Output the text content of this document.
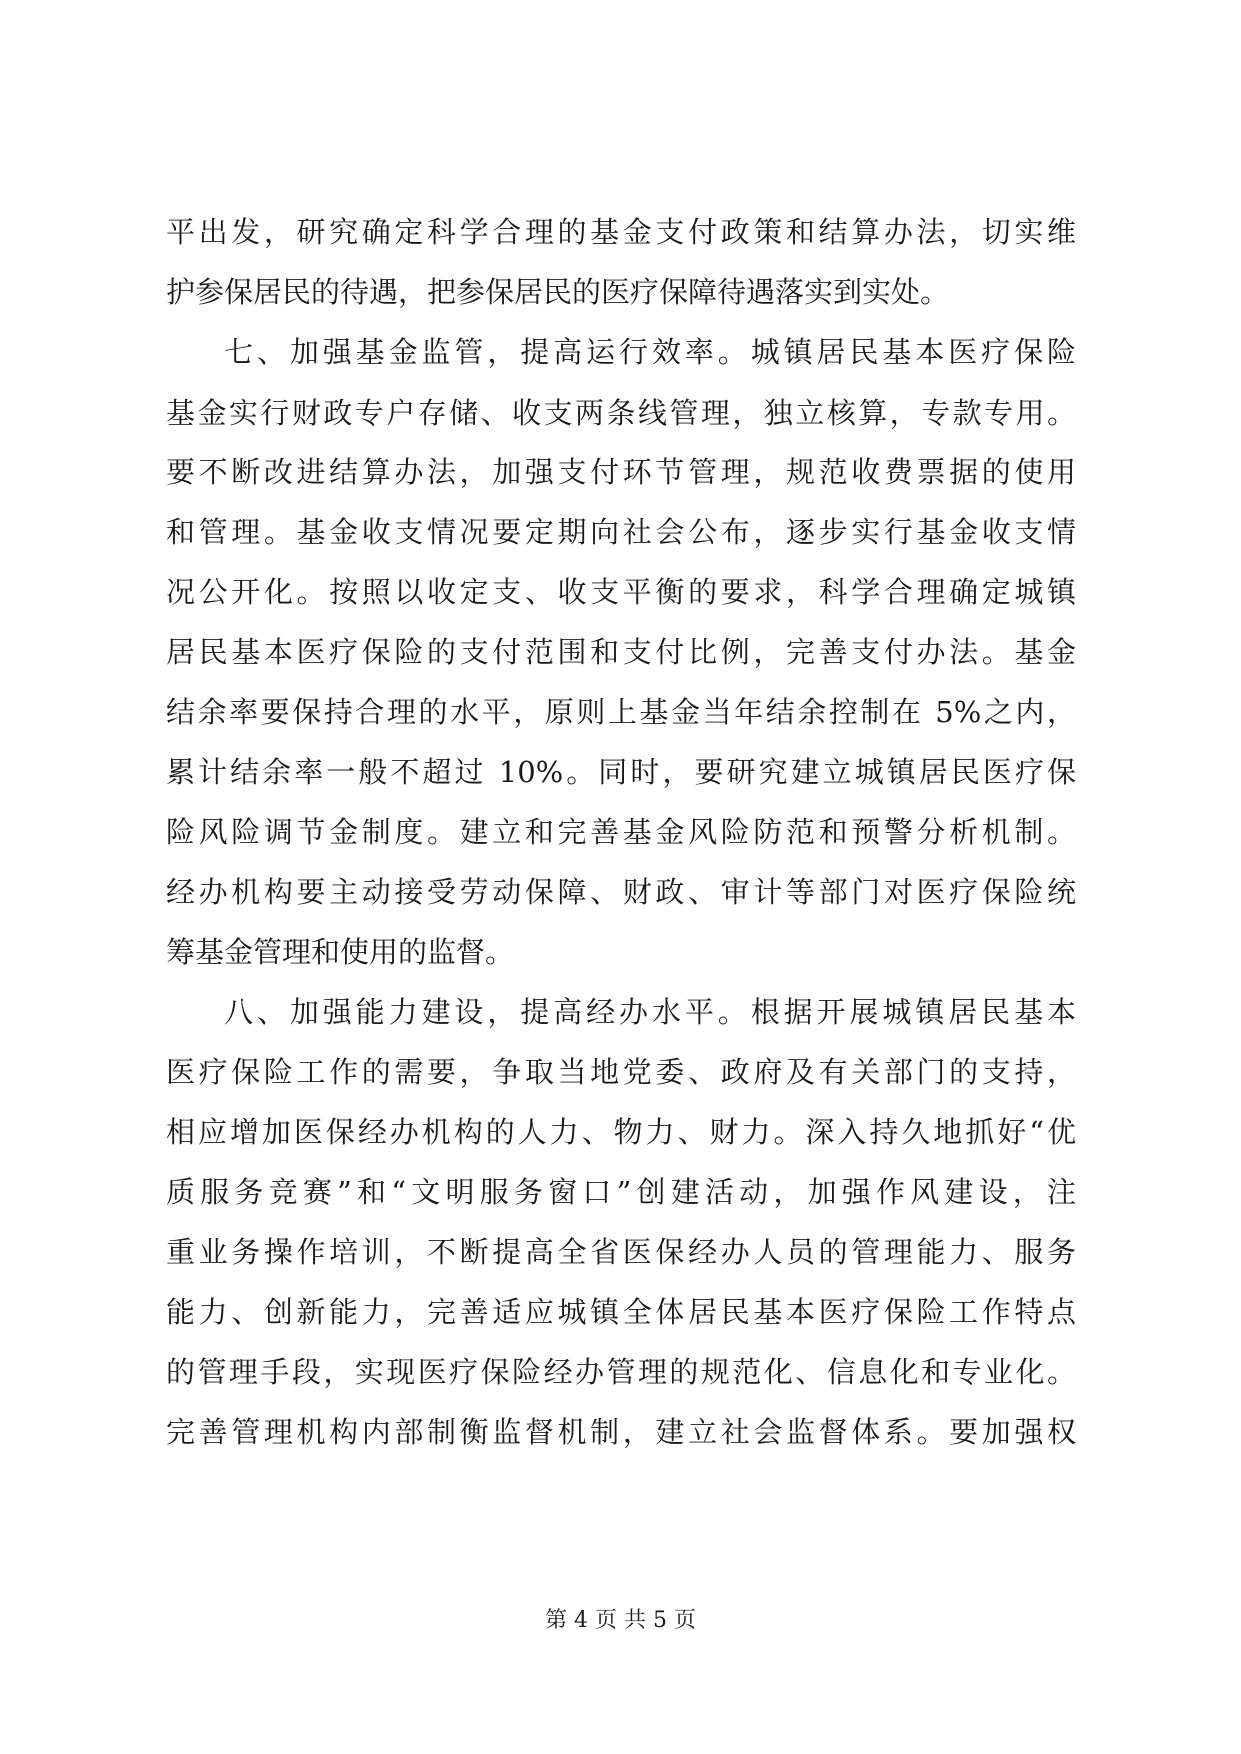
平出发，研究确定科学合理的基金支付政策和结算办法，切实维
护参保居民的待遇，把参保居民的医疗保障待遇落实到实处。
七、加强基金监管，提高运行效率。城镇居民基本医疗保险
基金实行财政专户存储、收支两条线管理，独立核算，专款专用。
要不断改进结算办法，加强支付环节管理，规范收费票据的使用
和管理。基金收支情况要定期向社会公布，逐步实行基金收支情
况公开化。按照以收定支、收支平衡的要求，科学合理确定城镇
居民基本医疗保险的支付范围和支付比例，完善支付办法。基金
结余率要保持合理的水平，原则上基金当年结余控制在 5%之内，
累计结余率一般不超过 10%。同时，要研究建立城镇居民医疗保
险风险调节金制度。建立和完善基金风险防范和预警分析机制。
经办机构要主动接受劳动保障、财政、审计等部门对医疗保险统
筹基金管理和使用的监督。
八、加强能力建设，提高经办水平。根据开展城镇居民基本
医疗保险工作的需要，争取当地党委、政府及有关部门的支持，
相应增加医保经办机构的人力、物力、财力。深入持久地抓好“优
质服务竞赛”和“文明服务窗口”创建活动，加强作风建设，注
重业务操作培训，不断提高全省医保经办人员的管理能力、服务
能力、创新能力，完善适应城镇全体居民基本医疗保险工作特点
的管理手段，实现医疗保险经办管理的规范化、信息化和专业化。
完善管理机构内部制衡监督机制，建立社会监督体系。要加强权
第 4 页 共 5 页
